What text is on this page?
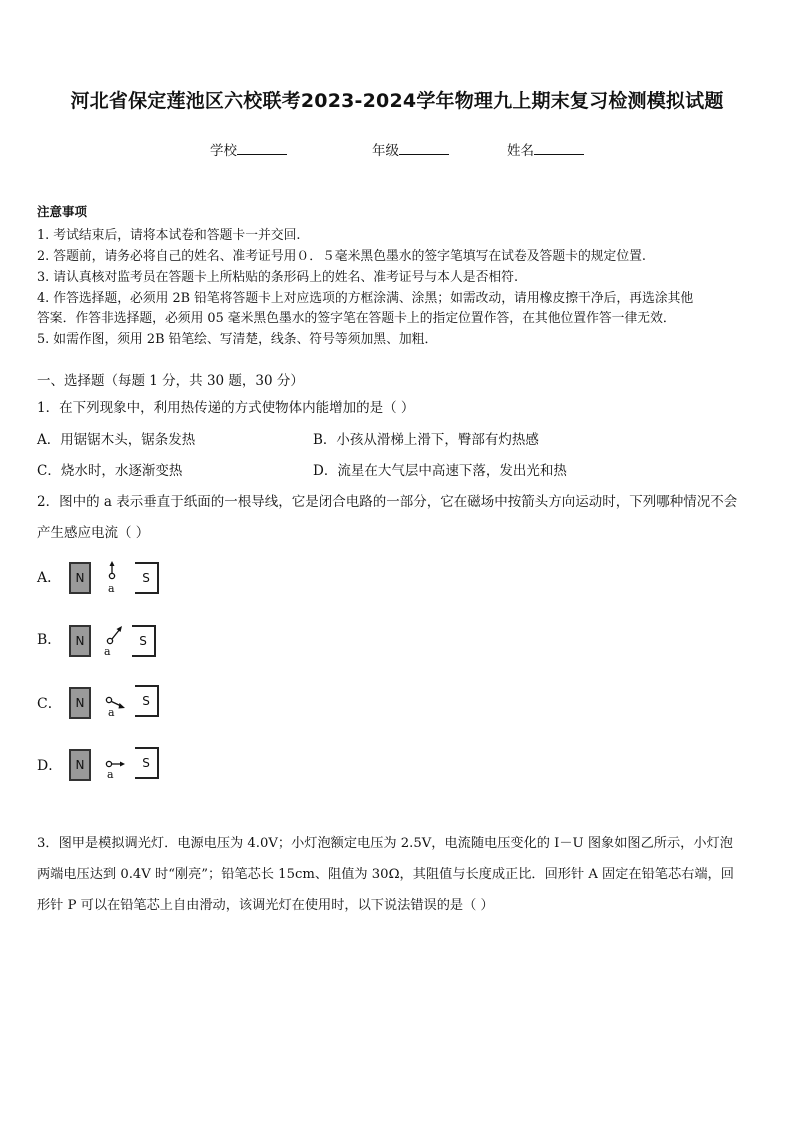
河北省保定莲池区六校联考2023-2024学年物理九上期末复习检测模拟试题
学校	年级	姓名
注意事项
1. 考试结束后，请将本试卷和答题卡一并交回.
2. 答题前，请务必将自己的姓名、准考证号用０．５毫米黑色墨水的签字笔填写在试卷及答题卡的规定位置.
3. 请认真核对监考员在答题卡上所粘贴的条形码上的姓名、准考证号与本人是否相符.
4. 作答选择题，必须用 2B 铅笔将答题卡上对应选项的方框涂满、涂黑；如需改动，请用橡皮擦干净后，再选涂其他
答案．作答非选择题，必须用 05 毫米黑色墨水的签字笔在答题卡上的指定位置作答，在其他位置作答一律无效．
5. 如需作图，须用 2B 铅笔绘、写清楚，线条、符号等须加黑、加粗．
一、选择题（每题 1 分，共 30 题，30 分）
1．在下列现象中，利用热传递的方式使物体内能增加的是（ ）
A．用锯锯木头，锯条发热	B．小孩从滑梯上滑下，臀部有灼热感
C．烧水时，水逐渐变热	D．流星在大气层中高速下落，发出光和热
2．图中的 a 表示垂直于纸面的一根导线，它是闭合电路的一部分，它在磁场中按箭头方向运动时，下列哪种情况不会
产生感应电流（ ）
A．	N
a
S
B．	N
a
S
C．	N
a
S
D．	N
a
S
3．图甲是模拟调光灯．电源电压为 4.0V；小灯泡额定电压为 2.5V，电流随电压变化的 I－U 图象如图乙所示，小灯泡
两端电压达到 0.4V 时“刚亮”；铅笔芯长 15cm、阻值为 30Ω，其阻值与长度成正比．回形针 A 固定在铅笔芯右端，回
形针 P 可以在铅笔芯上自由滑动，该调光灯在使用时，以下说法错误的是（ ）
